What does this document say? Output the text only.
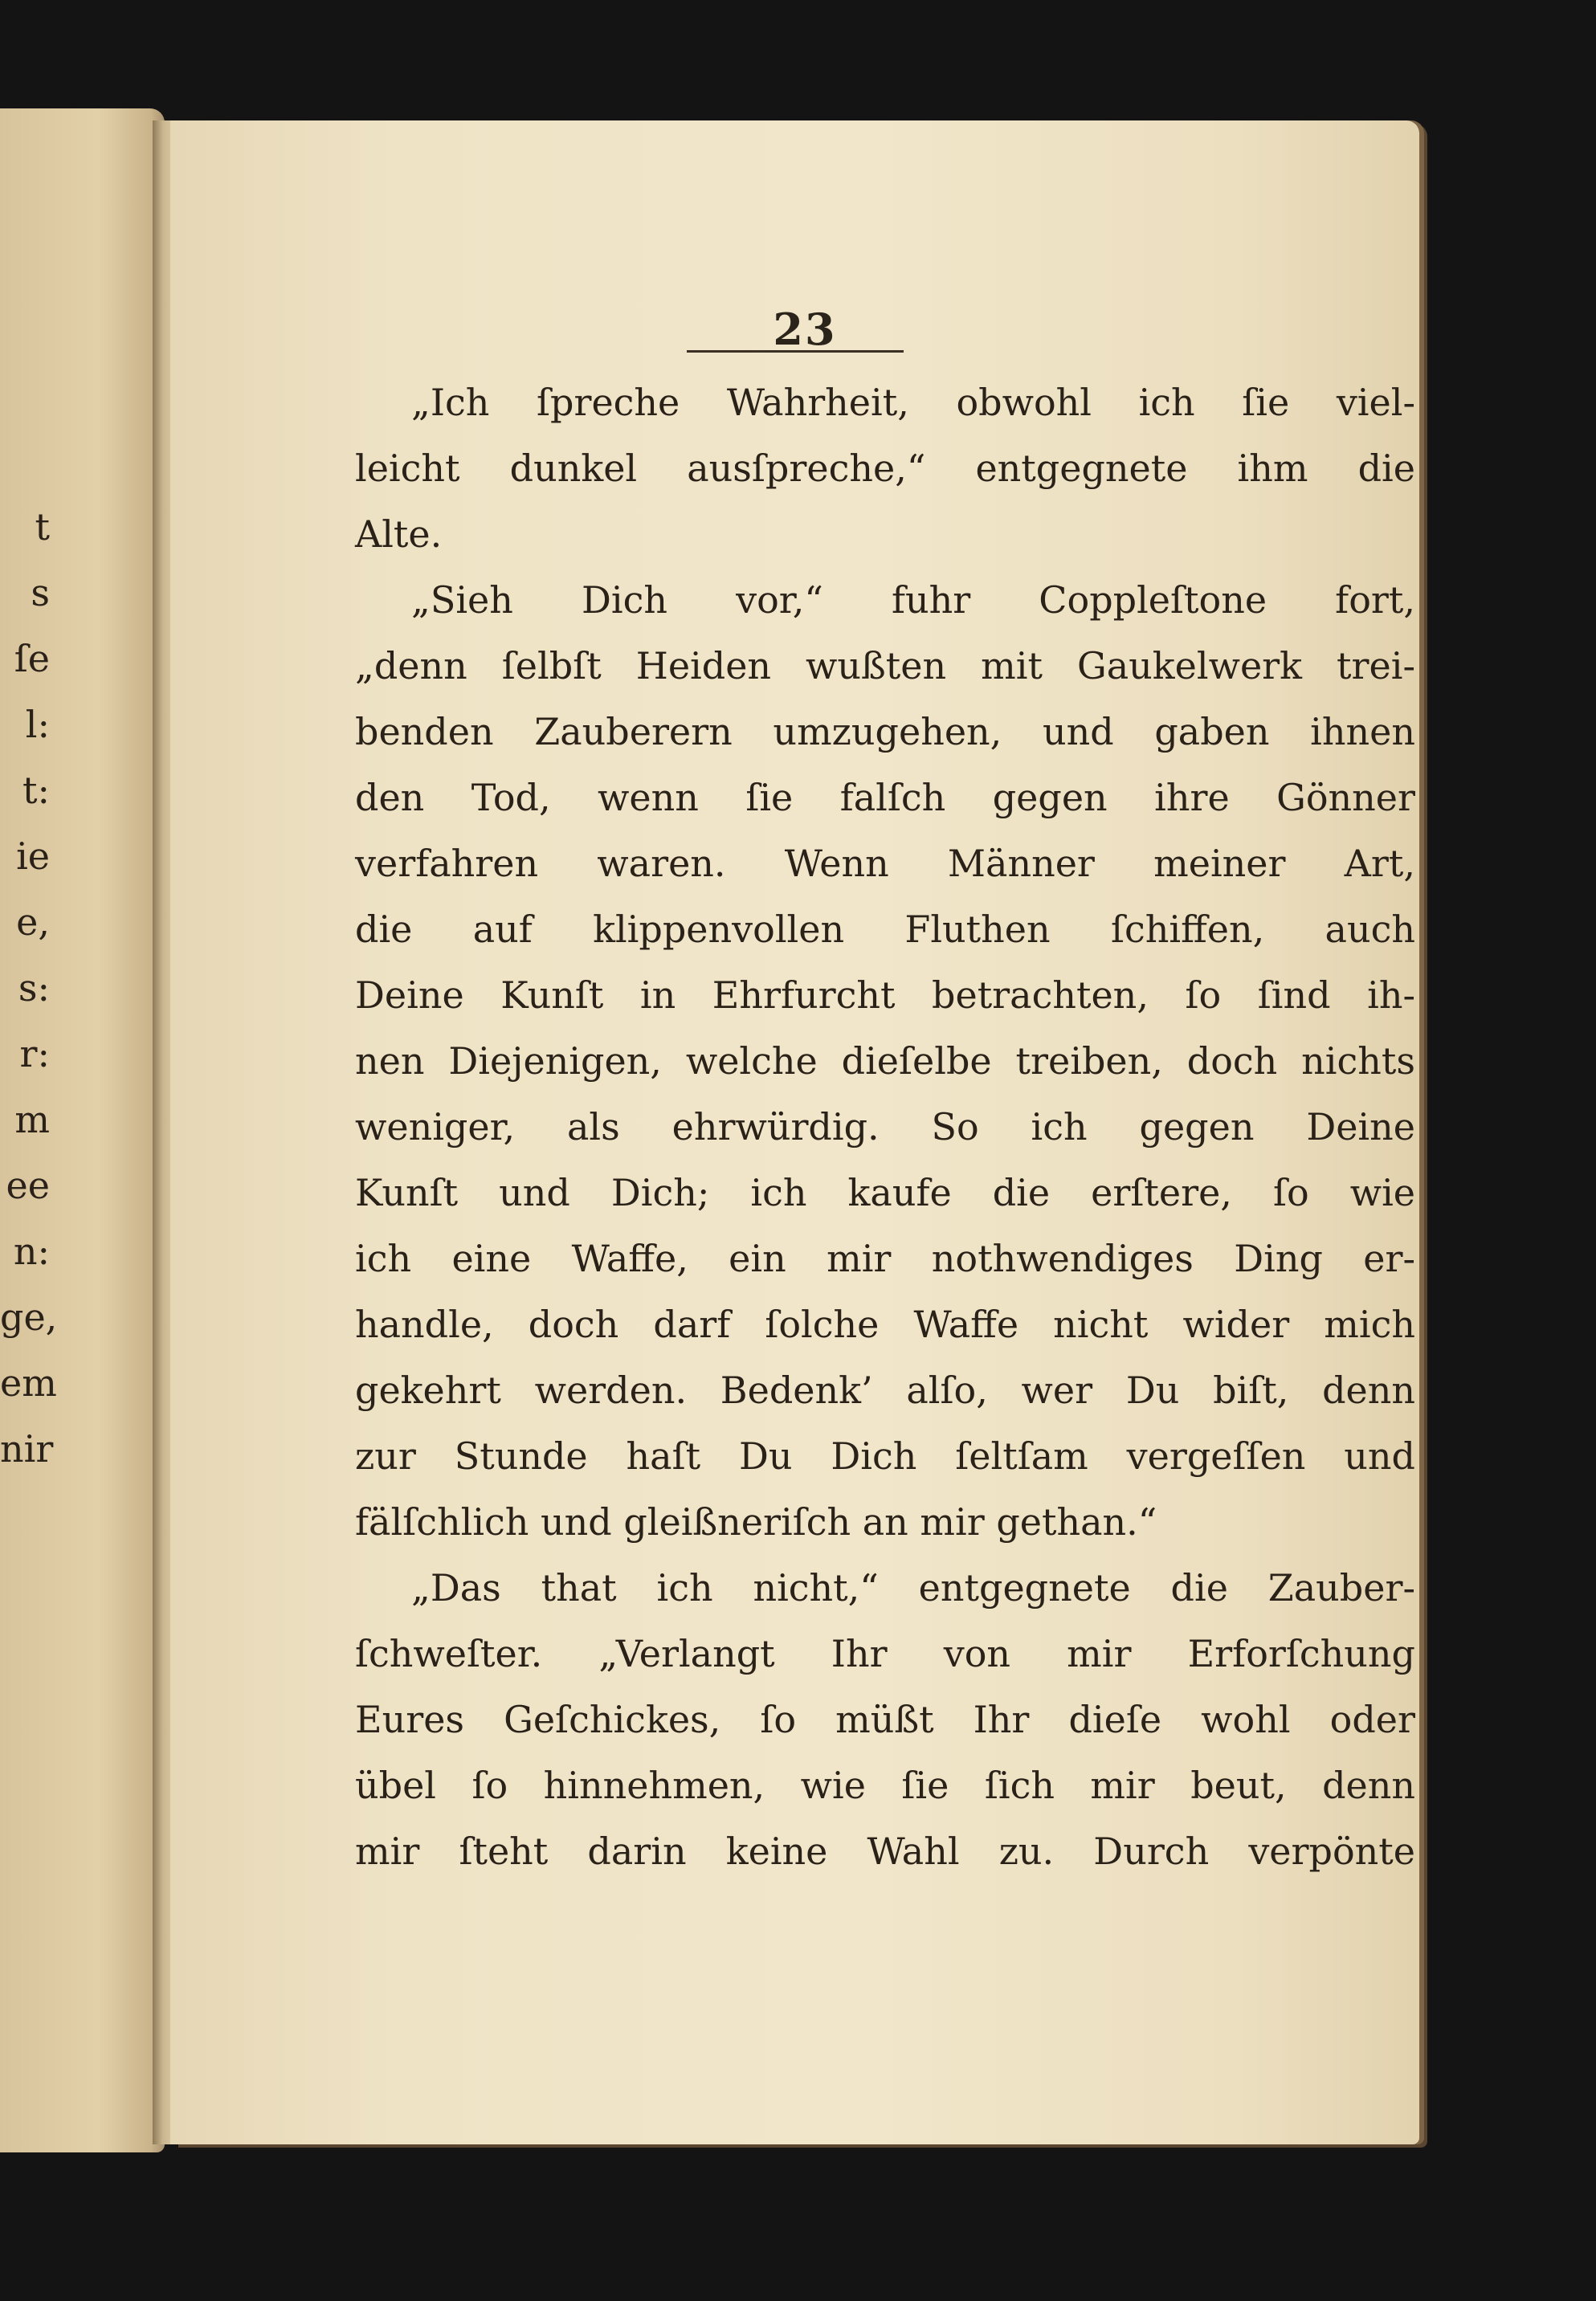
t
s
ſe
l:
t:
ie
e,
s:
r:
m
ee
n:
ge,
em
nir
23
„Ich ſpreche Wahrheit, obwohl ich ſie viel-
leicht dunkel ausſpreche,“ entgegnete ihm die
Alte.
„Sieh Dich vor,“ fuhr Coppleſtone fort,
„denn ſelbſt Heiden wußten mit Gaukelwerk trei-
benden Zauberern umzugehen, und gaben ihnen
den Tod, wenn ſie falſch gegen ihre Gönner
verfahren waren. Wenn Männer meiner Art,
die auf klippenvollen Fluthen ſchiffen, auch
Deine Kunſt in Ehrfurcht betrachten, ſo ſind ih-
nen Diejenigen, welche dieſelbe treiben, doch nichts
weniger, als ehrwürdig. So ich gegen Deine
Kunſt und Dich; ich kaufe die erſtere, ſo wie
ich eine Waffe, ein mir nothwendiges Ding er-
handle, doch darf ſolche Waffe nicht wider mich
gekehrt werden. Bedenk’ alſo, wer Du biſt, denn
zur Stunde haſt Du Dich ſeltſam vergeſſen und
fälſchlich und gleißneriſch an mir gethan.“
„Das that ich nicht,“ entgegnete die Zauber-
ſchweſter. „Verlangt Ihr von mir Erforſchung
Eures Geſchickes, ſo müßt Ihr dieſe wohl oder
übel ſo hinnehmen, wie ſie ſich mir beut, denn
mir ſteht darin keine Wahl zu. Durch verpönte
